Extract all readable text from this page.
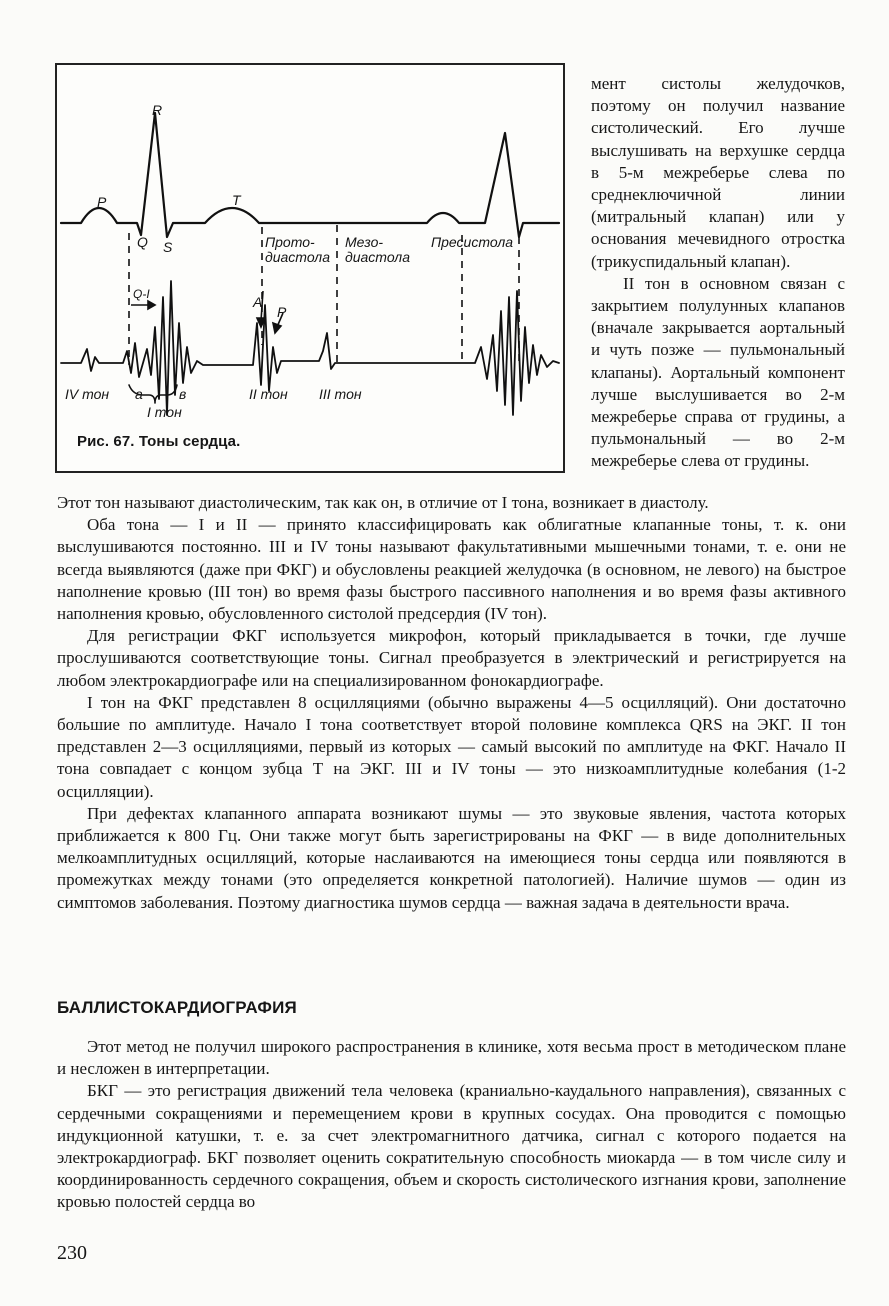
R
P	T
Q S	Прото-
диастола
Мезо-
диастола
Пресистола
Q-I	А
Р
IV тон а	в
I тон
II тон III тон
Рис. 67. Тоны сердца.

мент систолы желудочков, поэтому он получил название систолический. Его лучше выслушивать на верхушке сердца в 5-м межреберье слева по среднеключичной линии (митральный клапан) или у основания мечевидного отростка (трикуспидальный клапан).

II тон в основном связан с закрытием полулунных клапанов (вначале закрывается аортальный и чуть позже — пульмональный клапаны). Аортальный компонент лучше выслушивается во 2-м межреберье справа от грудины, а пульмональный — во 2-м межреберье слева от грудины.

Этот тон называют диастолическим, так как он, в отличие от I тона, возникает в диастолу.

Оба тона — I и II — принято классифицировать как облигатные клапанные тоны, т. к. они выслушиваются постоянно. III и IV тоны называют факультативными мышечными тонами, т. е. они не всегда выявляются (даже при ФКГ) и обусловлены реакцией желудочка (в основном, не левого) на быстрое наполнение кровью (III тон) во время фазы быстрого пассивного наполнения и во время фазы активного наполнения кровью, обусловленного систолой предсердия (IV тон).

Для регистрации ФКГ используется микрофон, который прикладывается в точки, где лучше прослушиваются соответствующие тоны. Сигнал преобразуется в электрический и регистрируется на любом электрокардиографе или на специализированном фонокардиографе.

I тон на ФКГ представлен 8 осцилляциями (обычно выражены 4—5 осцилляций). Они достаточно большие по амплитуде. Начало I тона соответствует второй половине комплекса QRS на ЭКГ. II тон представлен 2—3 осцилляциями, первый из которых — самый высокий по амплитуде на ФКГ. Начало II тона совпадает с концом зубца Т на ЭКГ. III и IV тоны — это низкоамплитудные колебания (1-2 осцилляции).

При дефектах клапанного аппарата возникают шумы — это звуковые явления, частота которых приближается к 800 Гц. Они также могут быть зарегистрированы на ФКГ — в виде дополнительных мелкоамплитудных осцилляций, которые наслаиваются на имеющиеся тоны сердца или появляются в промежутках между тонами (это определяется конкретной патологией). Наличие шумов — один из симптомов заболевания. Поэтому диагностика шумов сердца — важная задача в деятельности врача.

БАЛЛИСТОКАРДИОГРАФИЯ

Этот метод не получил широкого распространения в клинике, хотя весьма прост в методическом плане и несложен в интерпретации.

БКГ — это регистрация движений тела человека (краниально-каудального направления), связанных с сердечными сокращениями и перемещением крови в крупных сосудах. Она проводится с помощью индукционной катушки, т. е. за счет электромагнитного датчика, сигнал с которого подается на электрокардиограф. БКГ позволяет оценить сократительную способность миокарда — в том числе силу и координированность сердечного сокращения, объем и скорость систолического изгнания крови, заполнение кровью полостей сердца во

230
